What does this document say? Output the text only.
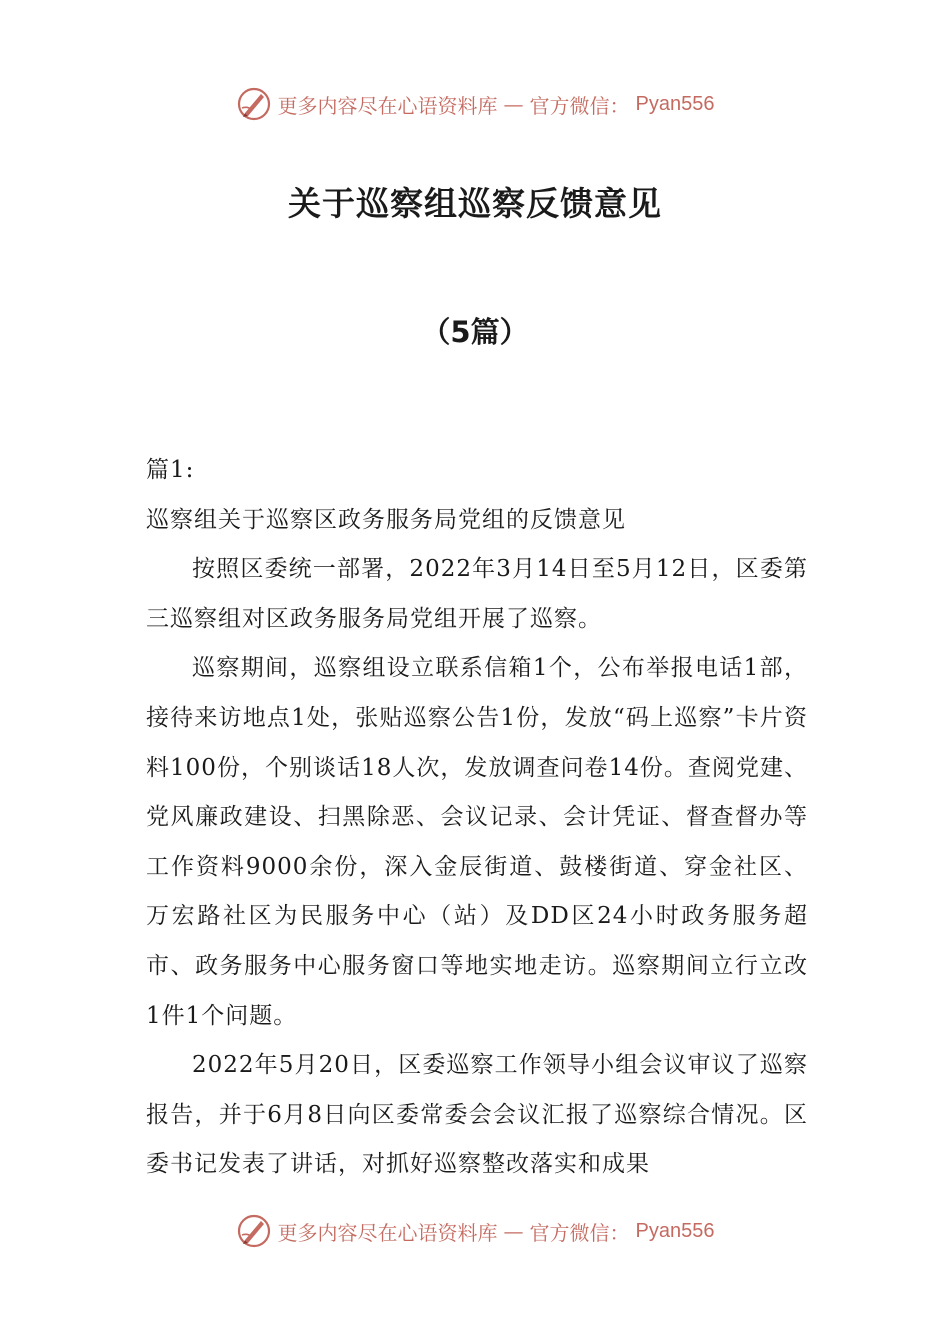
更多内容尽在心语资料库 — 官方微信： Pyan556
关于巡察组巡察反馈意见
（5篇）

篇1:

巡察组关于巡察区政务服务局党组的反馈意见

按照区委统一部署，2022年3月14日至5月12日，区委第三巡察组对区政务服务局党组开展了巡察。

巡察期间，巡察组设立联系信箱1个，公布举报电话1部，接待来访地点1处，张贴巡察公告1份，发放“码上巡察”卡片资料100份，个别谈话18人次，发放调查问卷14份。查阅党建、党风廉政建设、扫黑除恶、会议记录、会计凭证、督查督办等工作资料9000余份，深入金辰街道、鼓楼街道、穿金社区、万宏路社区为民服务中心（站）及DD区24小时政务服务超市、政务服务中心服务窗口等地实地走访。巡察期间立行立改1件1个问题。

2022年5月20日，区委巡察工作领导小组会议审议了巡察报告，并于6月8日向区委常委会会议汇报了巡察综合情况。区委书记发表了讲话，对抓好巡察整改落实和成果

更多内容尽在心语资料库 — 官方微信： Pyan556
